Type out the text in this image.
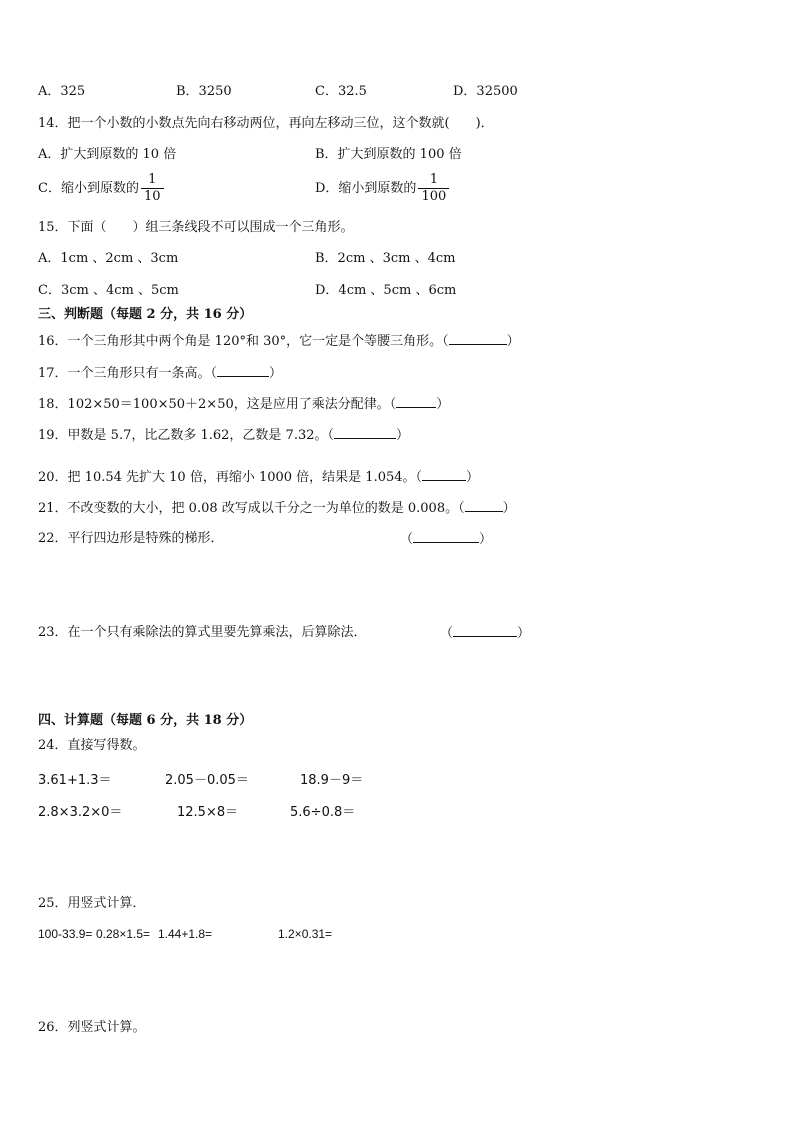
A．325	B．3250	C．32.5	D．32500
14．把一个小数的小数点先向右移动两位，再向左移动三位，这个数就(　　)．
A．扩大到原数的 10 倍	B．扩大到原数的 100 倍
C．缩小到原数的 $\frac{1}{10}$	D．缩小到原数的 $\frac{1}{100}$
15．下面（　　）组三条线段不可以围成一个三角形。
A．1cm 、2cm 、3cm	B．2cm 、3cm 、4cm
C．3cm 、4cm 、5cm	D．4cm 、5cm 、6cm
三、判断题（每题 2 分，共 16 分）
16．一个三角形其中两个角是 120°和 30°，它一定是个等腰三角形。（	）
17．一个三角形只有一条高。（	）
18．102×50＝100×50＋2×50，这是应用了乘法分配律。（	）
19．甲数是 5.7，比乙数多 1.62，乙数是 7.32。（	）
20．把 10.54 先扩大 10 倍，再缩小 1000 倍，结果是 1.054。（	）
21．不改变数的大小，把 0.08 改写成以千分之一为单位的数是 0.008。（	）
22．平行四边形是特殊的梯形．	（	）
23．在一个只有乘除法的算式里要先算乘法，后算除法．	（	）
四、计算题（每题 6 分，共 18 分）
24．直接写得数。
3.61+1.3＝	2.05－0.05＝	18.9－9＝
2.8×3.2×0＝	12.5×8＝	5.6÷0.8＝
25．用竖式计算．
100-33.9= 0.28×1.5= 1.44+1.8=	1.2×0.31=
26．列竖式计算。
